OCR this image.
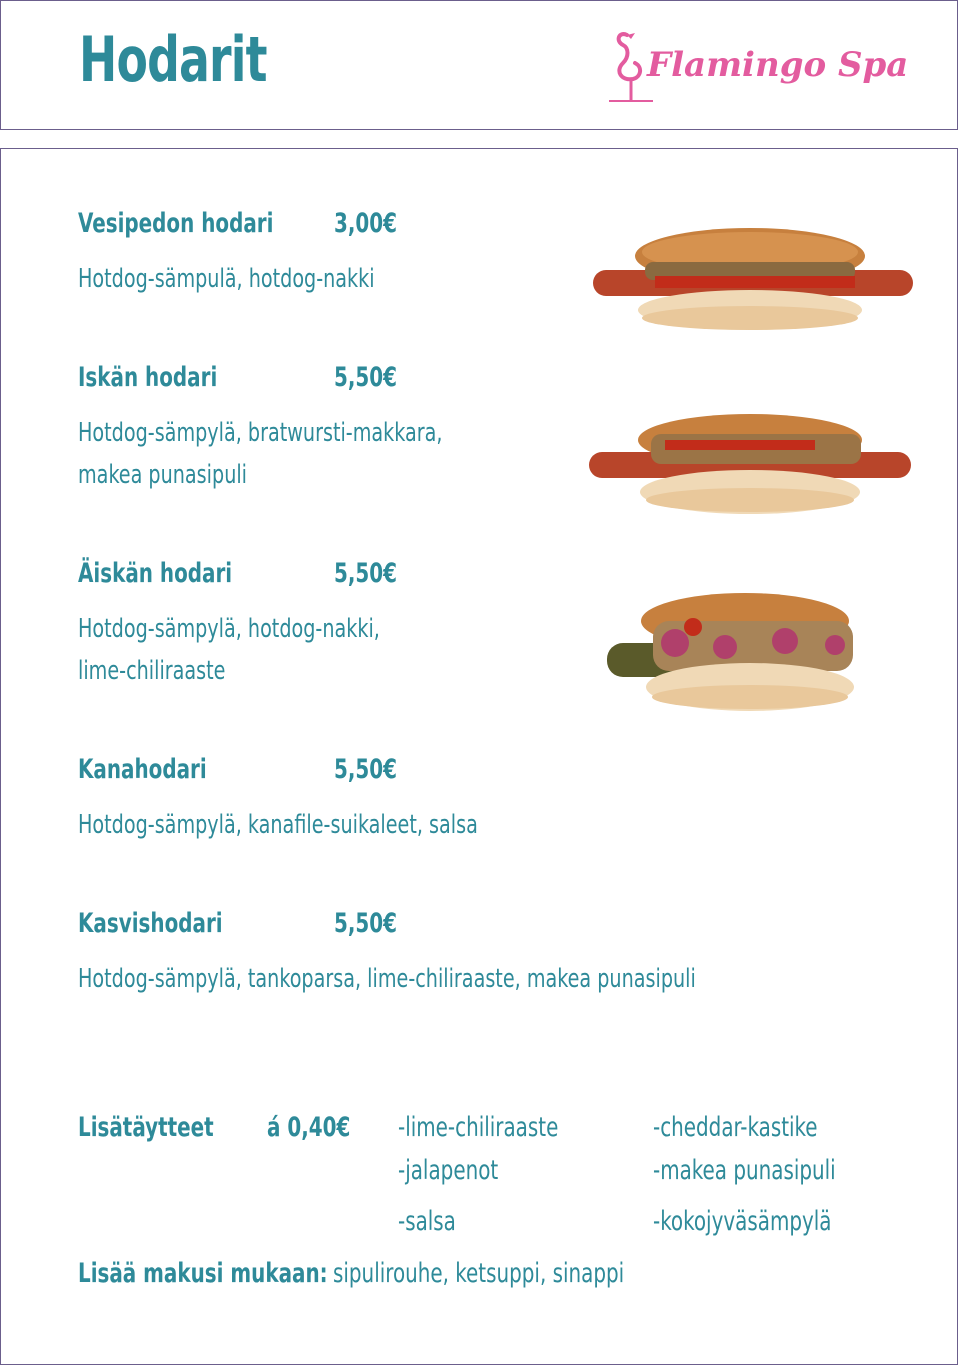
Hodarit	Flamingo Spa
Vesipedon hodari 3,00€
Hotdog-sämpulä, hotdog-nakki
Iskän hodari	5,50€
Hotdog-sämpylä, bratwursti-makkara,
makea punasipuli
Äiskän hodari	5,50€
Hotdog-sämpylä, hotdog-nakki,
lime-chiliraaste
Kanahodari	5,50€
Hotdog-sämpylä, kanafile-suikaleet, salsa
Kasvishodari	5,50€
Hotdog-sämpylä, tankoparsa, lime-chiliraaste, makea punasipuli
Lisätäytteet á 0,40€ -lime-chiliraaste	-cheddar-kastike
-jalapenot	-makea punasipuli
-salsa	-kokojyväsämpylä
Lisää makusi mukaan: sipulirouhe, ketsuppi, sinappi
